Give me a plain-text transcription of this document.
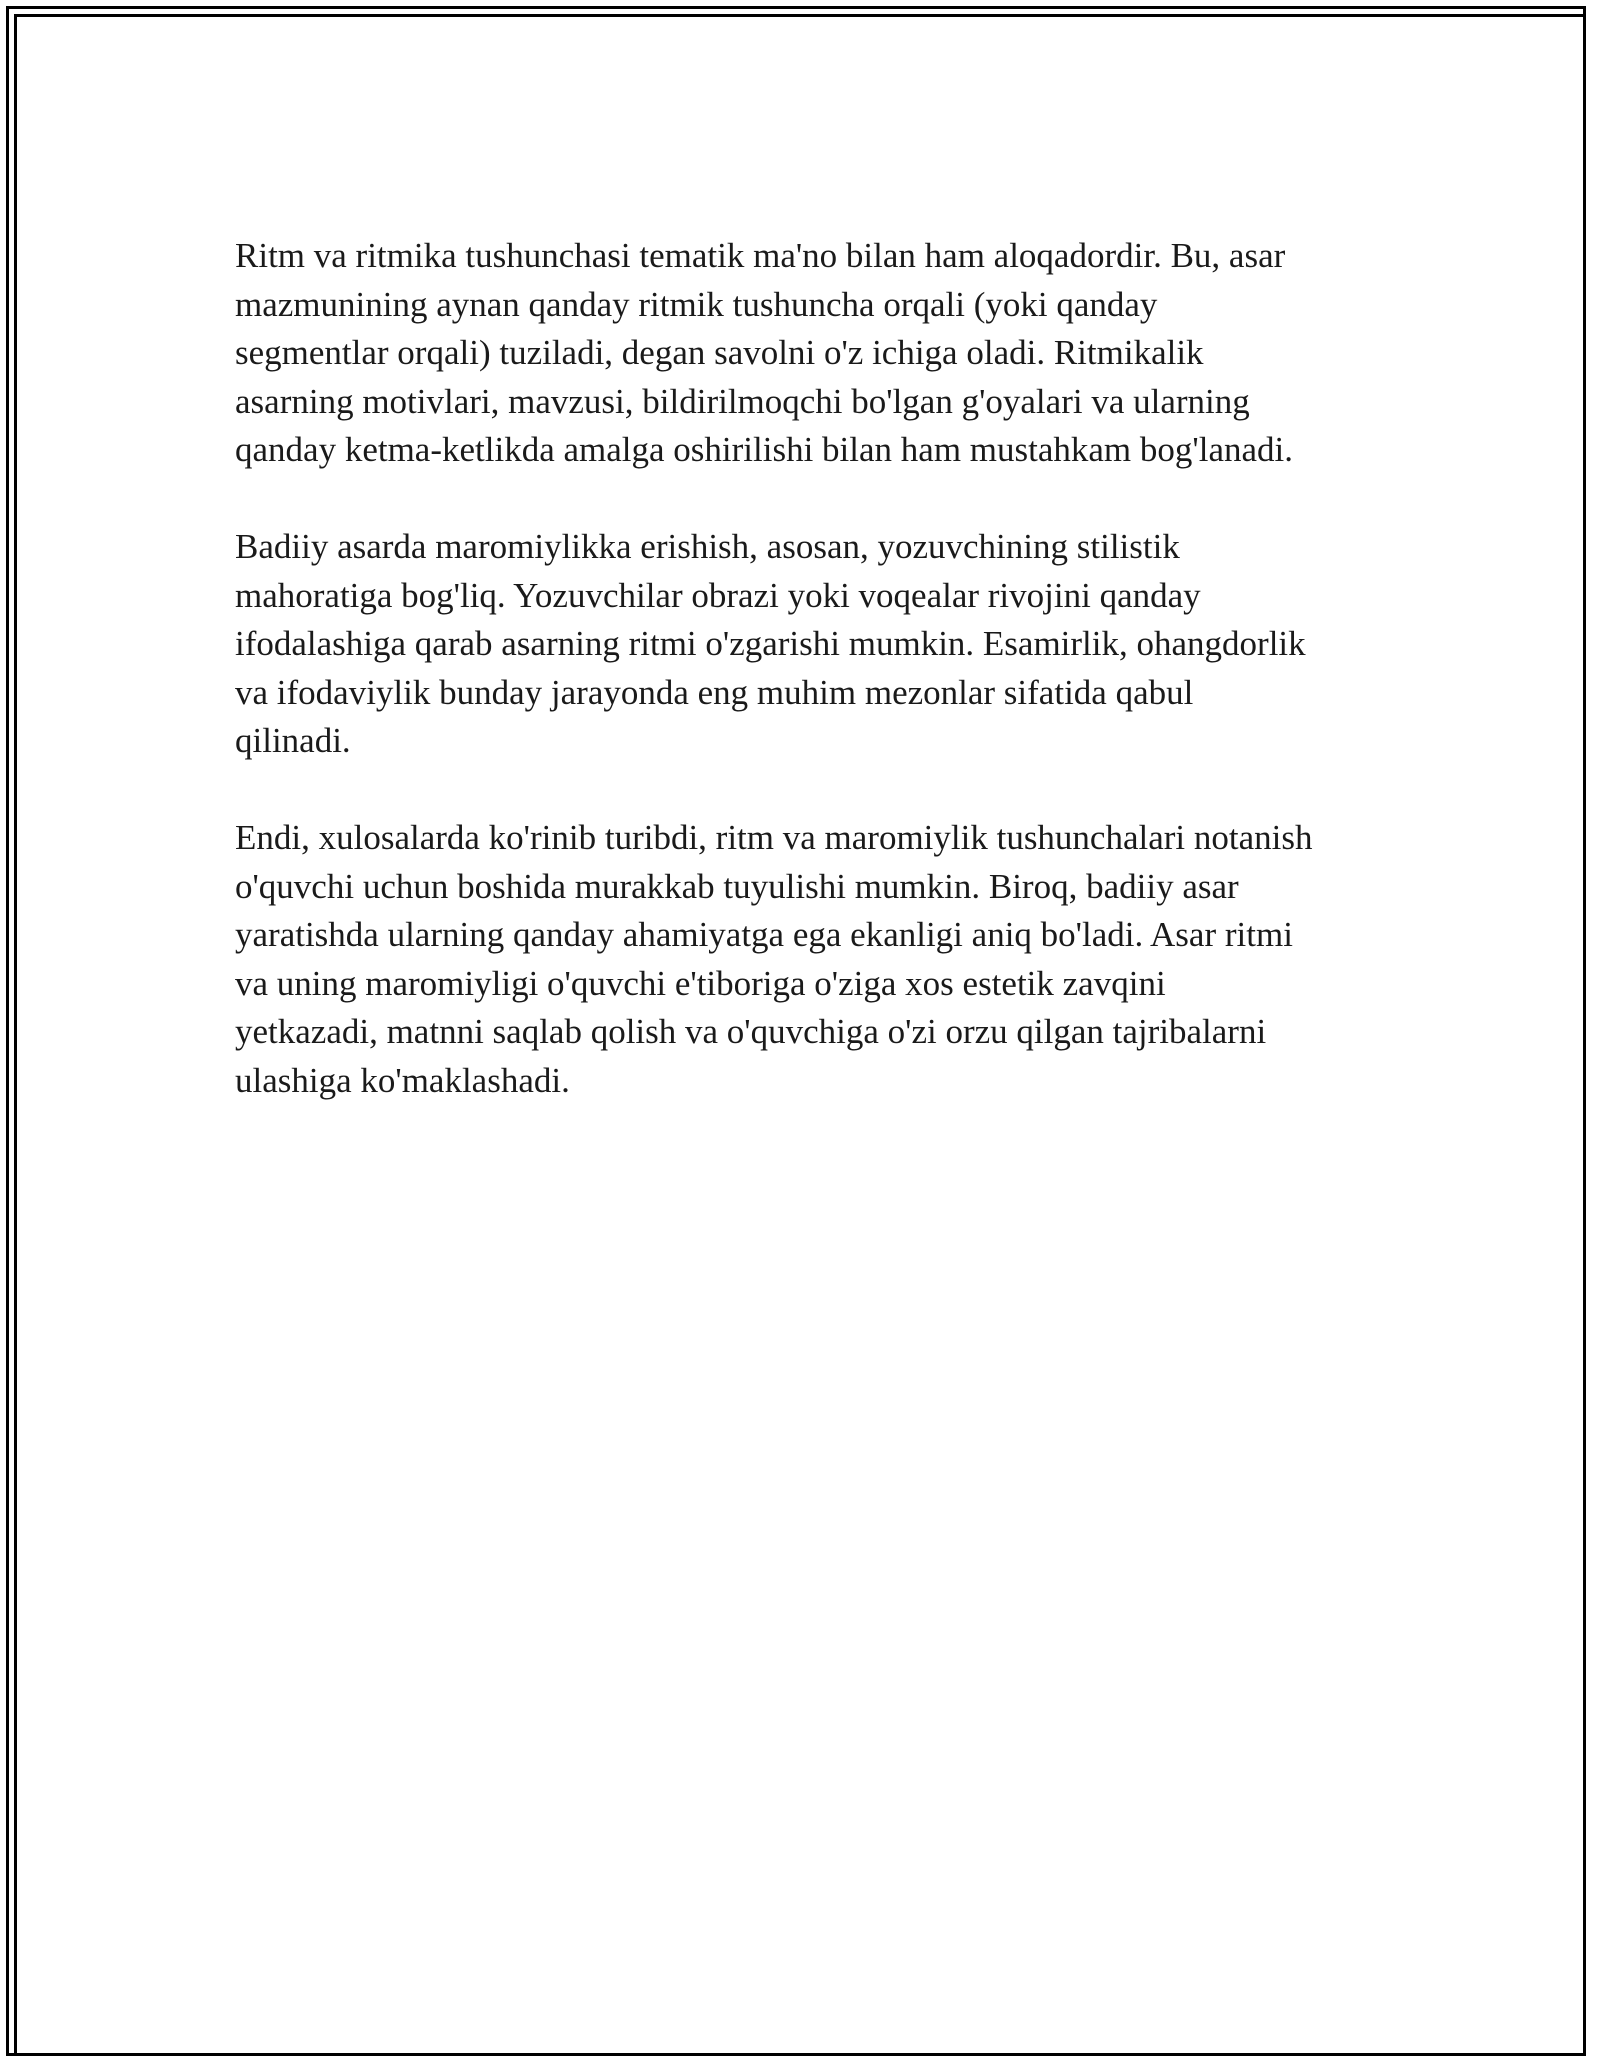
Ritm va ritmika tushunchasi tematik ma'no bilan ham aloqadordir. Bu, asar
mazmunining aynan qanday ritmik tushuncha orqali (yoki qanday
segmentlar orqali) tuziladi, degan savolni o'z ichiga oladi. Ritmikalik
asarning motivlari, mavzusi, bildirilmoqchi bo'lgan g'oyalari va ularning
qanday ketma-ketlikda amalga oshirilishi bilan ham mustahkam bog'lanadi.

Badiiy asarda maromiylikka erishish, asosan, yozuvchining stilistik
mahoratiga bog'liq. Yozuvchilar obrazi yoki voqealar rivojini qanday
ifodalashiga qarab asarning ritmi o'zgarishi mumkin. Esamirlik, ohangdorlik
va ifodaviylik bunday jarayonda eng muhim mezonlar sifatida qabul
qilinadi.

Endi, xulosalarda ko'rinib turibdi, ritm va maromiylik tushunchalari notanish
o'quvchi uchun boshida murakkab tuyulishi mumkin. Biroq, badiiy asar
yaratishda ularning qanday ahamiyatga ega ekanligi aniq bo'ladi. Asar ritmi
va uning maromiyligi o'quvchi e'tiboriga o'ziga xos estetik zavqini
yetkazadi, matnni saqlab qolish va o'quvchiga o'zi orzu qilgan tajribalarni
ulashiga ko'maklashadi.
